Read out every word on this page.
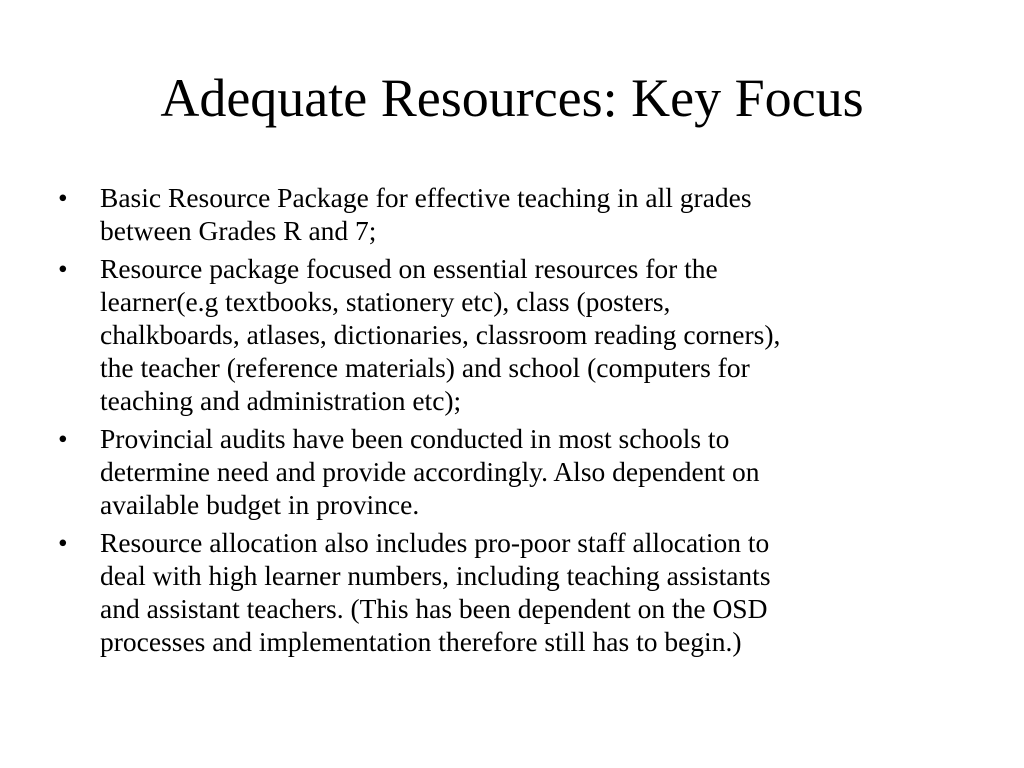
Adequate Resources: Key Focus
•	Basic Resource Package for effective teaching in all grades
between Grades R and 7;
•	Resource package focused on essential resources for the
learner(e.g textbooks, stationery etc), class (posters,
chalkboards, atlases, dictionaries, classroom reading corners),
the teacher (reference materials) and school (computers for
teaching and administration etc);
•	Provincial audits have been conducted in most schools to
determine need and provide accordingly. Also dependent on
available budget in province.
•	Resource allocation also includes pro-poor staff allocation to
deal with high learner numbers, including teaching assistants
and assistant teachers. (This has been dependent on the OSD
processes and implementation therefore still has to begin.)
